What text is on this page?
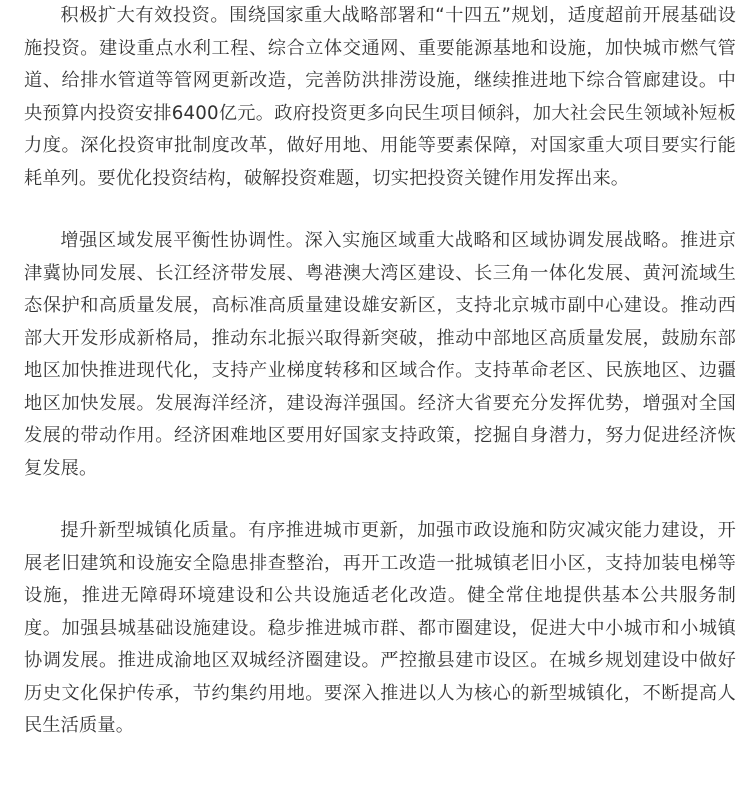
积极扩大有效投资。围绕国家重大战略部署和“十四五”规划，适度超前开展基础设施投资。建设重点水利工程、综合立体交通网、重要能源基地和设施，加快城市燃气管道、给排水管道等管网更新改造，完善防洪排涝设施，继续推进地下综合管廊建设。中央预算内投资安排6400亿元。政府投资更多向民生项目倾斜，加大社会民生领域补短板力度。深化投资审批制度改革，做好用地、用能等要素保障，对国家重大项目要实行能耗单列。要优化投资结构，破解投资难题，切实把投资关键作用发挥出来。

增强区域发展平衡性协调性。深入实施区域重大战略和区域协调发展战略。推进京津冀协同发展、长江经济带发展、粤港澳大湾区建设、长三角一体化发展、黄河流域生态保护和高质量发展，高标准高质量建设雄安新区，支持北京城市副中心建设。推动西部大开发形成新格局，推动东北振兴取得新突破，推动中部地区高质量发展，鼓励东部地区加快推进现代化，支持产业梯度转移和区域合作。支持革命老区、民族地区、边疆地区加快发展。发展海洋经济，建设海洋强国。经济大省要充分发挥优势，增强对全国发展的带动作用。经济困难地区要用好国家支持政策，挖掘自身潜力，努力促进经济恢复发展。

提升新型城镇化质量。有序推进城市更新，加强市政设施和防灾减灾能力建设，开展老旧建筑和设施安全隐患排查整治，再开工改造一批城镇老旧小区，支持加装电梯等设施，推进无障碍环境建设和公共设施适老化改造。健全常住地提供基本公共服务制度。加强县城基础设施建设。稳步推进城市群、都市圈建设，促进大中小城市和小城镇协调发展。推进成渝地区双城经济圈建设。严控撤县建市设区。在城乡规划建设中做好历史文化保护传承，节约集约用地。要深入推进以人为核心的新型城镇化，不断提高人民生活质量。
